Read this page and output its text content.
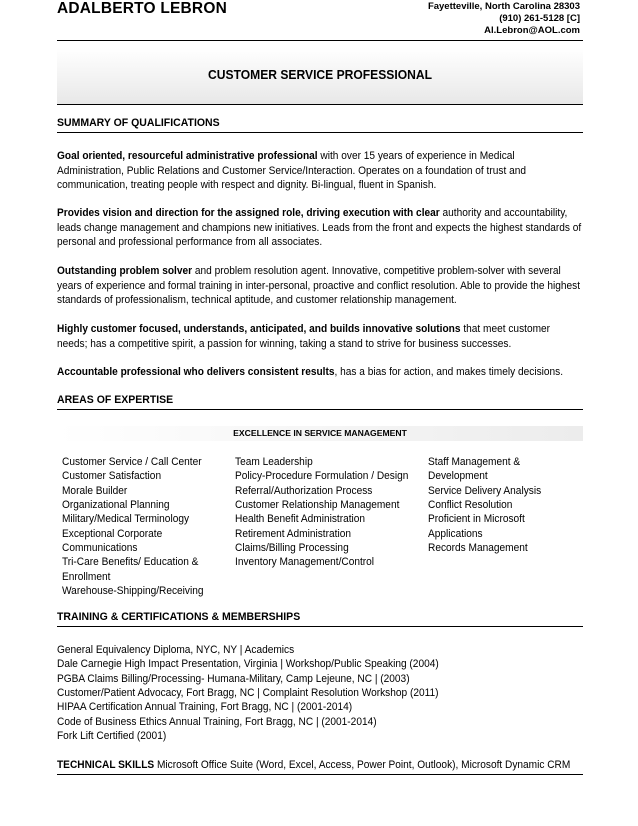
ADALBERTO LEBRON	Fayetteville, North Carolina 28303
(910) 261-5128 [C]
Al.Lebron@AOL.com
CUSTOMER SERVICE PROFESSIONAL
SUMMARY OF QUALIFICATIONS
Goal oriented, resourceful administrative professional with over 15 years of experience in Medical Administration, Public Relations and Customer Service/Interaction. Operates on a foundation of trust and communication, treating people with respect and dignity. Bi-lingual, fluent in Spanish.
Provides vision and direction for the assigned role, driving execution with clear authority and accountability, leads change management and champions new initiatives. Leads from the front and expects the highest standards of personal and professional performance from all associates.
Outstanding problem solver and problem resolution agent. Innovative, competitive problem-solver with several years of experience and formal training in inter-personal, proactive and conflict resolution. Able to provide the highest standards of professionalism, technical aptitude, and customer relationship management.
Highly customer focused, understands, anticipated, and builds innovative solutions that meet customer needs; has a competitive spirit, a passion for winning, taking a stand to strive for business successes.
Accountable professional who delivers consistent results, has a bias for action, and makes timely decisions.
AREAS OF EXPERTISE
EXCELLENCE IN SERVICE MANAGEMENT
Customer Service / Call Center
Customer Satisfaction
Morale Builder
Organizational Planning
Military/Medical Terminology
Exceptional Corporate
Communications
Tri-Care Benefits/ Education &
Enrollment
Warehouse-Shipping/Receiving
Team Leadership
Policy-Procedure Formulation / Design
Referral/Authorization Process
Customer Relationship Management
Health Benefit Administration
Retirement Administration
Claims/Billing Processing
Inventory Management/Control
Staff Management &
Development
Service Delivery Analysis
Conflict Resolution
Proficient in Microsoft
Applications
Records Management
TRAINING & CERTIFICATIONS & MEMBERSHIPS
General Equivalency Diploma, NYC, NY | Academics
Dale Carnegie High Impact Presentation, Virginia | Workshop/Public Speaking (2004)
PGBA Claims Billing/Processing- Humana-Military, Camp Lejeune, NC | (2003)
Customer/Patient Advocacy, Fort Bragg, NC | Complaint Resolution Workshop (2011)
HIPAA Certification Annual Training, Fort Bragg, NC | (2001-2014)
Code of Business Ethics Annual Training, Fort Bragg, NC | (2001-2014)
Fork Lift Certified (2001)
TECHNICAL SKILLS Microsoft Office Suite (Word, Excel, Access, Power Point, Outlook), Microsoft Dynamic CRM
